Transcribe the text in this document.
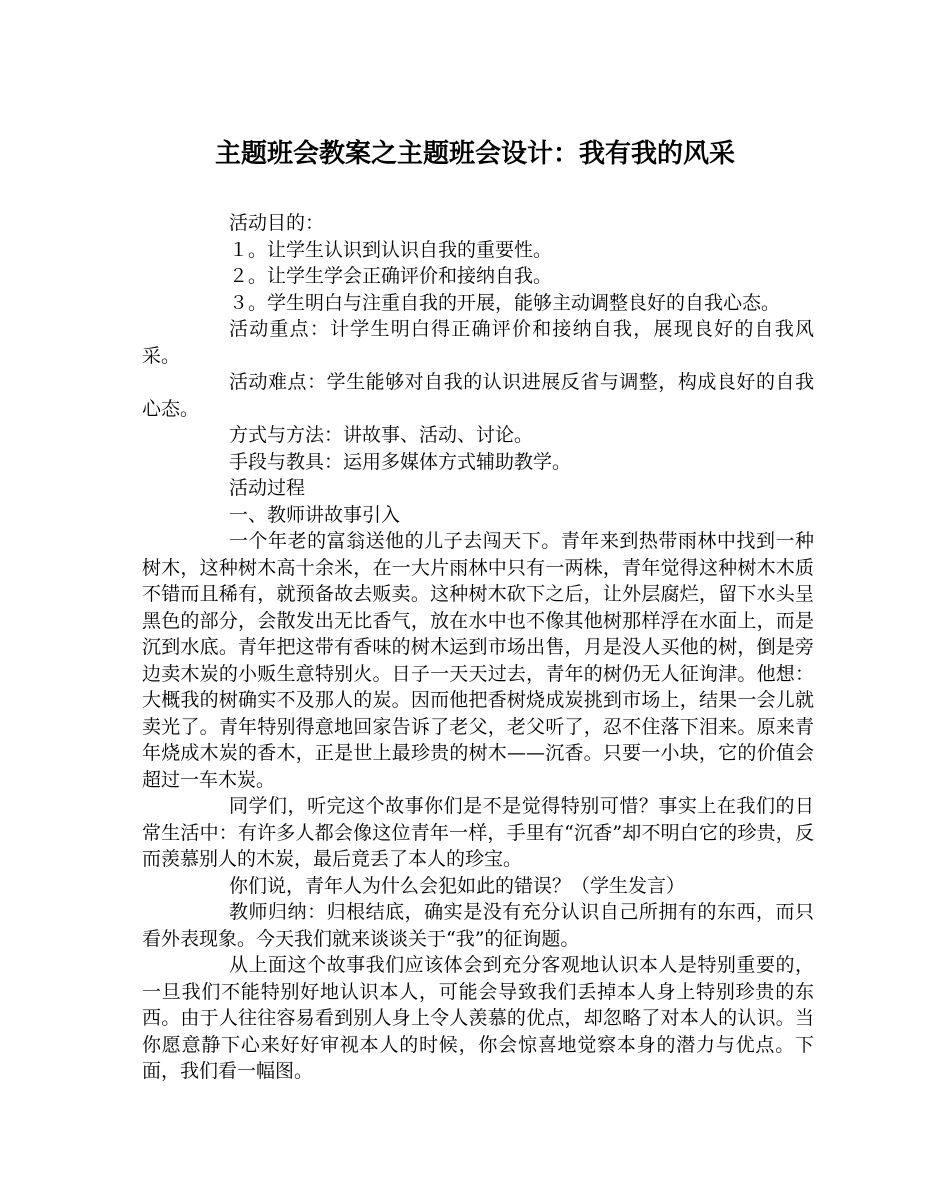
主题班会教案之主题班会设计：我有我的风采

活动目的：

１。让学生认识到认识自我的重要性。

２。让学生学会正确评价和接纳自我。

３。学生明白与注重自我的开展，能够主动调整良好的自我心态。

活动重点：计学生明白得正确评价和接纳自我，展现良好的自我风采。

活动难点：学生能够对自我的认识进展反省与调整，构成良好的自我心态。

方式与方法：讲故事、活动、讨论。

手段与教具：运用多媒体方式辅助教学。

活动过程

一、教师讲故事引入

一个年老的富翁送他的儿子去闯天下。青年来到热带雨林中找到一种树木，这种树木高十余米，在一大片雨林中只有一两株，青年觉得这种树木木质不错而且稀有，就预备故去贩卖。这种树木砍下之后，让外层腐烂，留下水头呈黑色的部分，会散发出无比香气，放在水中也不像其他树那样浮在水面上，而是沉到水底。青年把这带有香味的树木运到市场出售，月是没人买他的树，倒是旁边卖木炭的小贩生意特别火。日子一天天过去，青年的树仍无人征询津。他想：大概我的树确实不及那人的炭。因而他把香树烧成炭挑到市场上，结果一会儿就卖光了。青年特别得意地回家告诉了老父，老父听了，忍不住落下泪来。原来青年烧成木炭的香木，正是世上最珍贵的树木——沉香。只要一小块，它的价值会超过一车木炭。

同学们，听完这个故事你们是不是觉得特别可惜？事实上在我们的日常生活中：有许多人都会像这位青年一样，手里有“沉香”却不明白它的珍贵，反而羡慕别人的木炭，最后竟丢了本人的珍宝。

你们说，青年人为什么会犯如此的错误？（学生发言）

教师归纳：归根结底，确实是没有充分认识自己所拥有的东西，而只看外表现象。今天我们就来谈谈关于“我”的征询题。

从上面这个故事我们应该体会到充分客观地认识本人是特别重要的，一旦我们不能特别好地认识本人，可能会导致我们丢掉本人身上特别珍贵的东西。由于人往往容易看到别人身上令人羡慕的优点，却忽略了对本人的认识。当你愿意静下心来好好审视本人的时候，你会惊喜地觉察本身的潜力与优点。下面，我们看一幅图。
